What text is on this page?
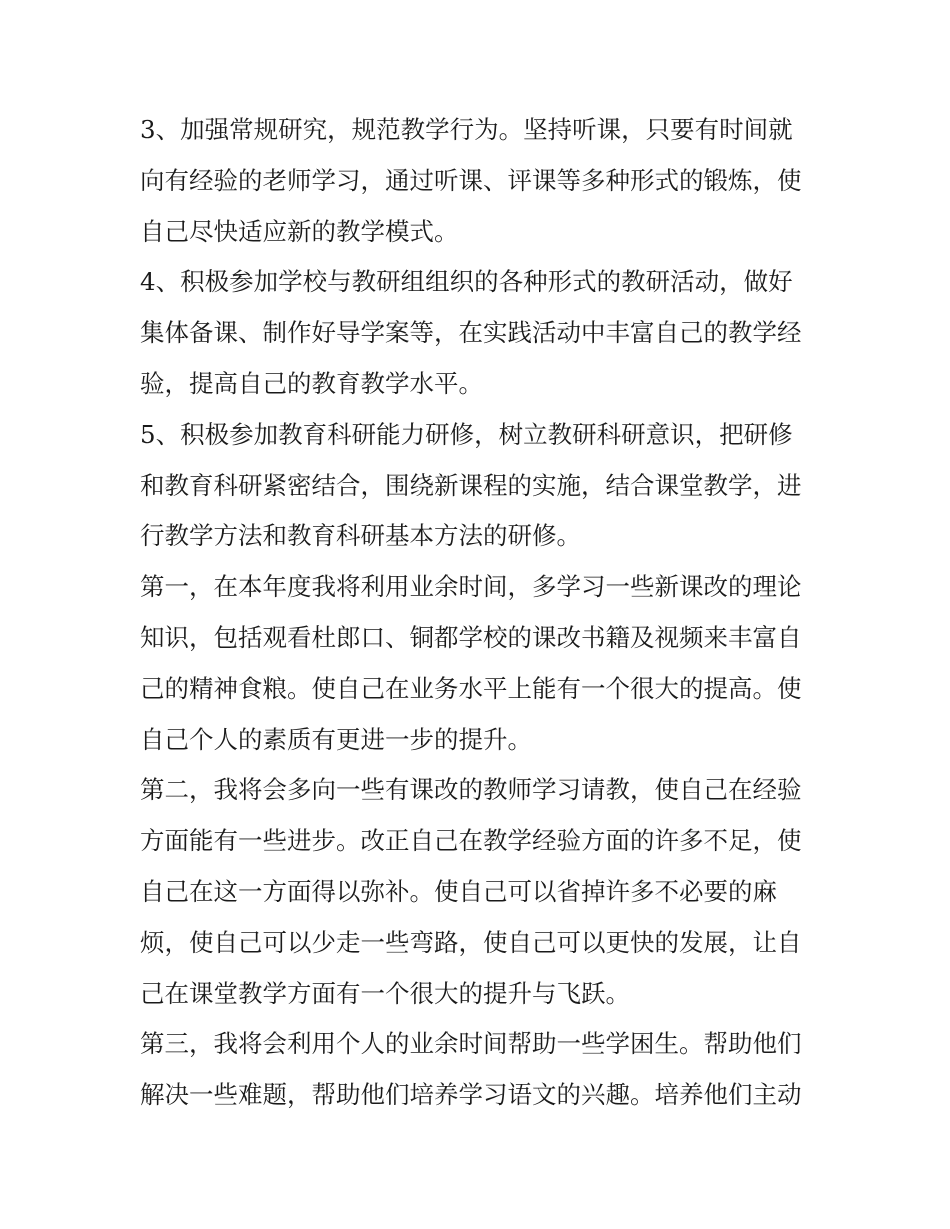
3、加强常规研究，规范教学行为。坚持听课，只要有时间就
向有经验的老师学习，通过听课、评课等多种形式的锻炼，使
自己尽快适应新的教学模式。

4、积极参加学校与教研组组织的各种形式的教研活动，做好
集体备课、制作好导学案等，在实践活动中丰富自己的教学经
验，提高自己的教育教学水平。

5、积极参加教育科研能力研修，树立教研科研意识，把研修
和教育科研紧密结合，围绕新课程的实施，结合课堂教学，进
行教学方法和教育科研基本方法的研修。

第一，在本年度我将利用业余时间，多学习一些新课改的理论
知识，包括观看杜郎口、铜都学校的课改书籍及视频来丰富自
己的精神食粮。使自己在业务水平上能有一个很大的提高。使
自己个人的素质有更进一步的提升。

第二，我将会多向一些有课改的教师学习请教，使自己在经验
方面能有一些进步。改正自己在教学经验方面的许多不足，使
自己在这一方面得以弥补。使自己可以省掉许多不必要的麻
烦，使自己可以少走一些弯路，使自己可以更快的发展，让自
己在课堂教学方面有一个很大的提升与飞跃。

第三，我将会利用个人的业余时间帮助一些学困生。帮助他们
解决一些难题，帮助他们培养学习语文的兴趣。培养他们主动
